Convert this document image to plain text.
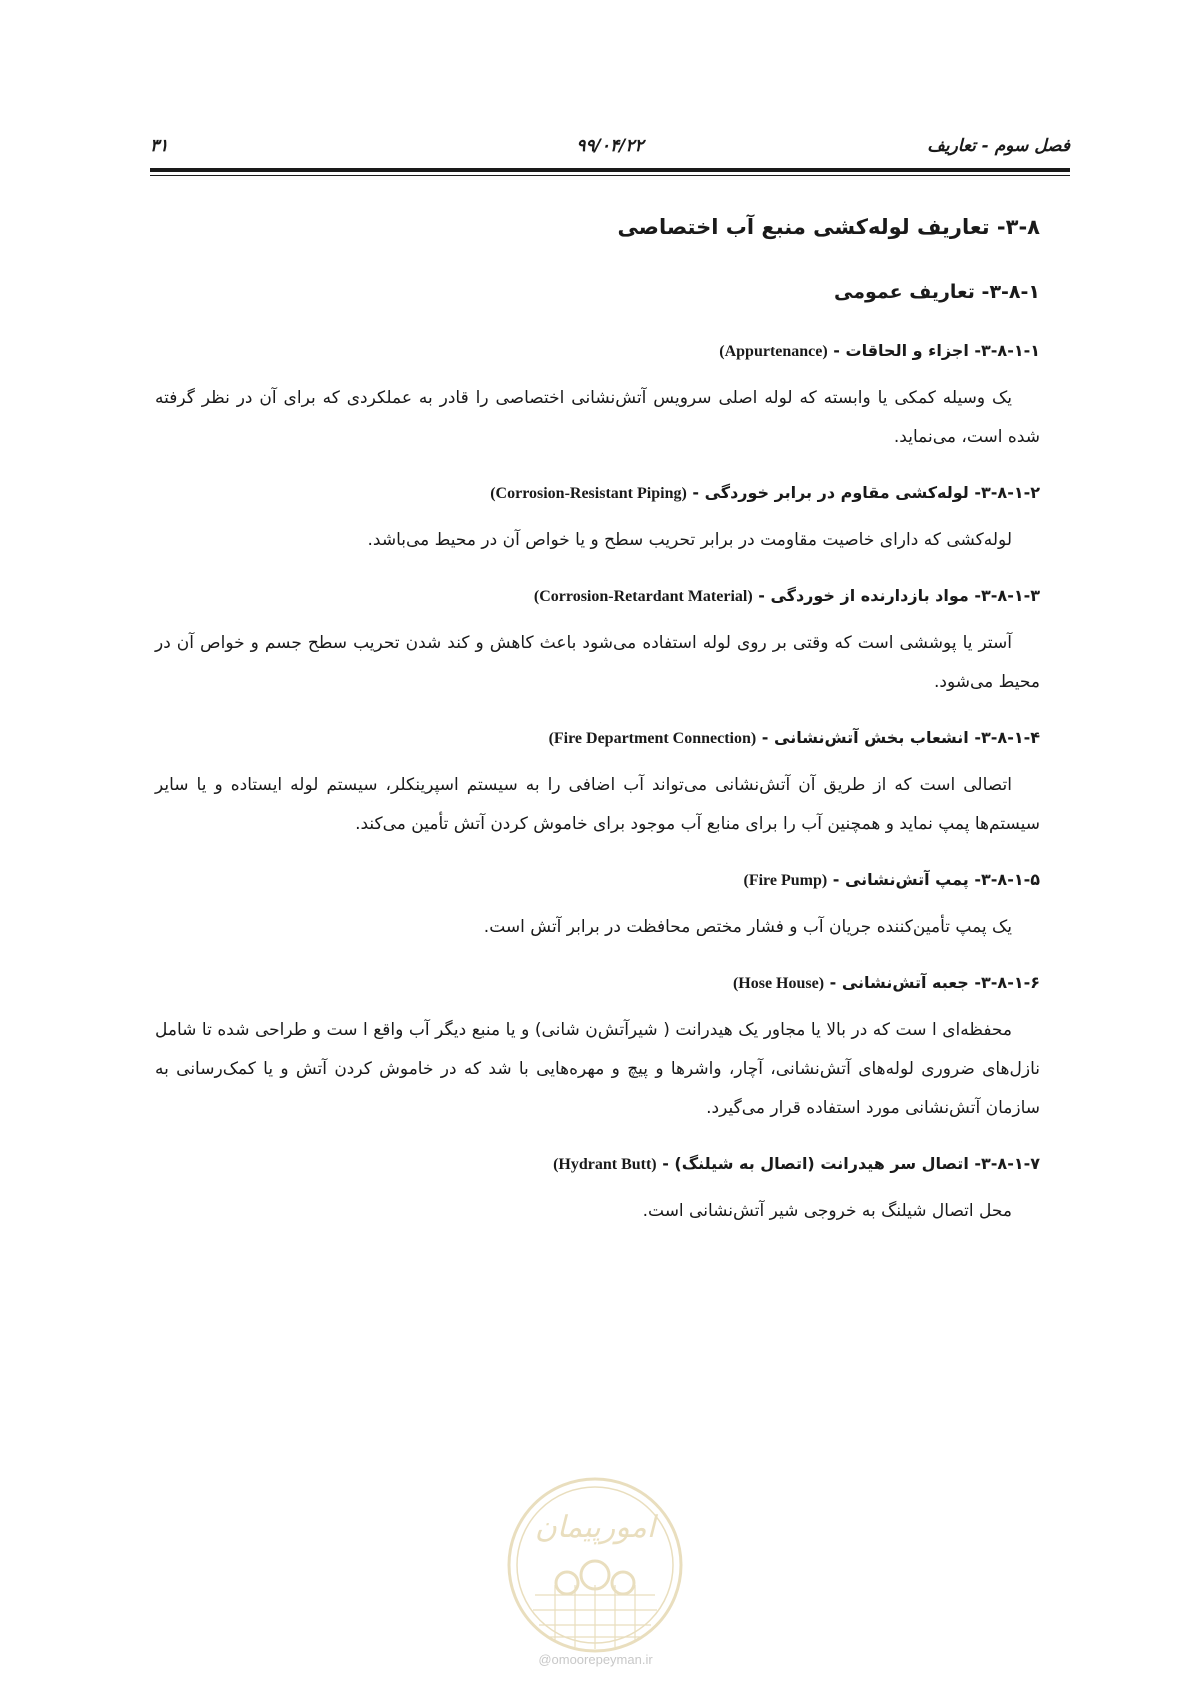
فصل سوم - تعاریف
۹۹/۰۴/۲۲
۳۱
۳-۸- تعاریف لوله‌کشی منبع آب اختصاصی
۳-۸-۱- تعاریف عمومی
۳-۸-۱-۱- اجزاء و الحاقات - (Appurtenance)

یک وسیله کمکی یا وابسته که لوله اصلی سرویس آتش‌نشانی اختصاصی را قادر به عملکردی که برای آن در نظر گرفته شده است، می‌نماید.

۳-۸-۱-۲- لوله‌کشی مقاوم در برابر خوردگی - (Corrosion-Resistant Piping)

لوله‌کشی که دارای خاصیت مقاومت در برابر تحریب سطح و یا خواص آن در محیط می‌باشد.

۳-۸-۱-۳- مواد بازدارنده از خوردگی - (Corrosion-Retardant Material)

آستر یا پوششی است که وقتی بر روی لوله استفاده می‌شود باعث کاهش و کند شدن تحریب سطح جسم و خواص آن در محیط می‌شود.

۳-۸-۱-۴- انشعاب بخش آتش‌نشانی - (Fire Department Connection)

اتصالی است که از طریق آن آتش‌نشانی می‌تواند آب اضافی را به سیستم اسپرینکلر، سیستم لوله ایستاده و یا سایر سیستم‌ها پمپ نماید و همچنین آب را برای منابع آب موجود برای خاموش کردن آتش تأمین می‌کند.

۳-۸-۱-۵- پمپ آتش‌نشانی - (Fire Pump)

یک پمپ تأمین‌کننده جریان آب و فشار مختص محافظت در برابر آتش است.

۳-۸-۱-۶- جعبه آتش‌نشانی - (Hose House)

محفظه‌ای ا ست که در بالا یا مجاور یک هیدرانت ( شیرآتش‌ن شانی) و یا منبع دیگر آب واقع ا ست و طراحی شده تا شامل نازل‌های ضروری لوله‌های آتش‌نشانی، آچار، واشرها و پیچ و مهره‌هایی با شد که در خاموش کردن آتش و یا کمک‌رسانی به سازمان آتش‌نشانی مورد استفاده قرار می‌گیرد.

۳-۸-۱-۷- اتصال سر هیدرانت (اتصال به شیلنگ) - (Hydrant Butt)

محل اتصال شیلنگ به خروجی شیر آتش‌نشانی است.

امورپیمان
@omoorepeyman.ir
